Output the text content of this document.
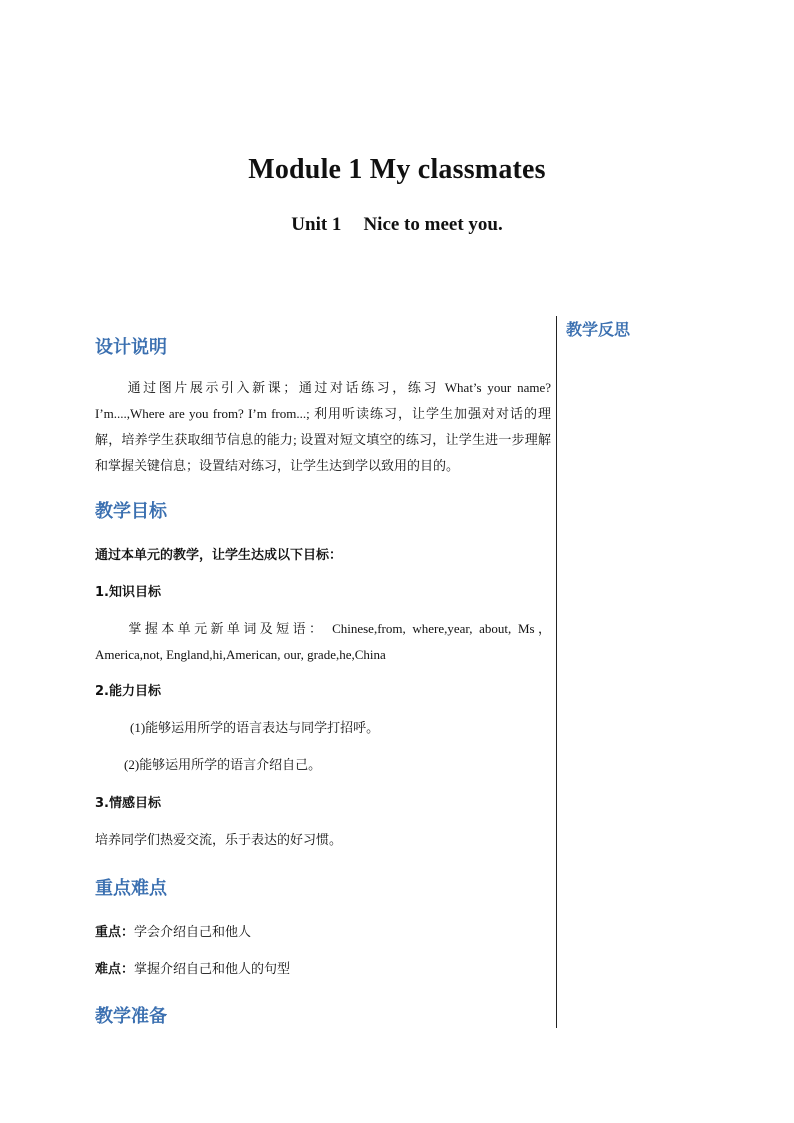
Module 1 My classmates
Unit 1 Nice to meet you.
教学反思
设计说明

通过图片展示引入新课；通过对话练习，练习 What’s your name? I’m....,Where are you from? I’m from...; 利用听读练习，让学生加强对对话的理解，培养学生获取细节信息的能力; 设置对短文填空的练习，让学生进一步理解和掌握关键信息；设置结对练习，让学生达到学以致用的目的。

教学目标

通过本单元的教学，让学生达成以下目标：

1.知识目标

掌握本单元新单词及短语： Chinese,from, where,year, about, Ms，America,not, England,hi,American, our, grade,he,China

2.能力目标

(1)能够运用所学的语言表达与同学打招呼。

(2)能够运用所学的语言介绍自己。

3.情感目标

培养同学们热爱交流，乐于表达的好习惯。

重点难点

重点：学会介绍自己和他人

难点：掌握介绍自己和他人的句型

教学准备
